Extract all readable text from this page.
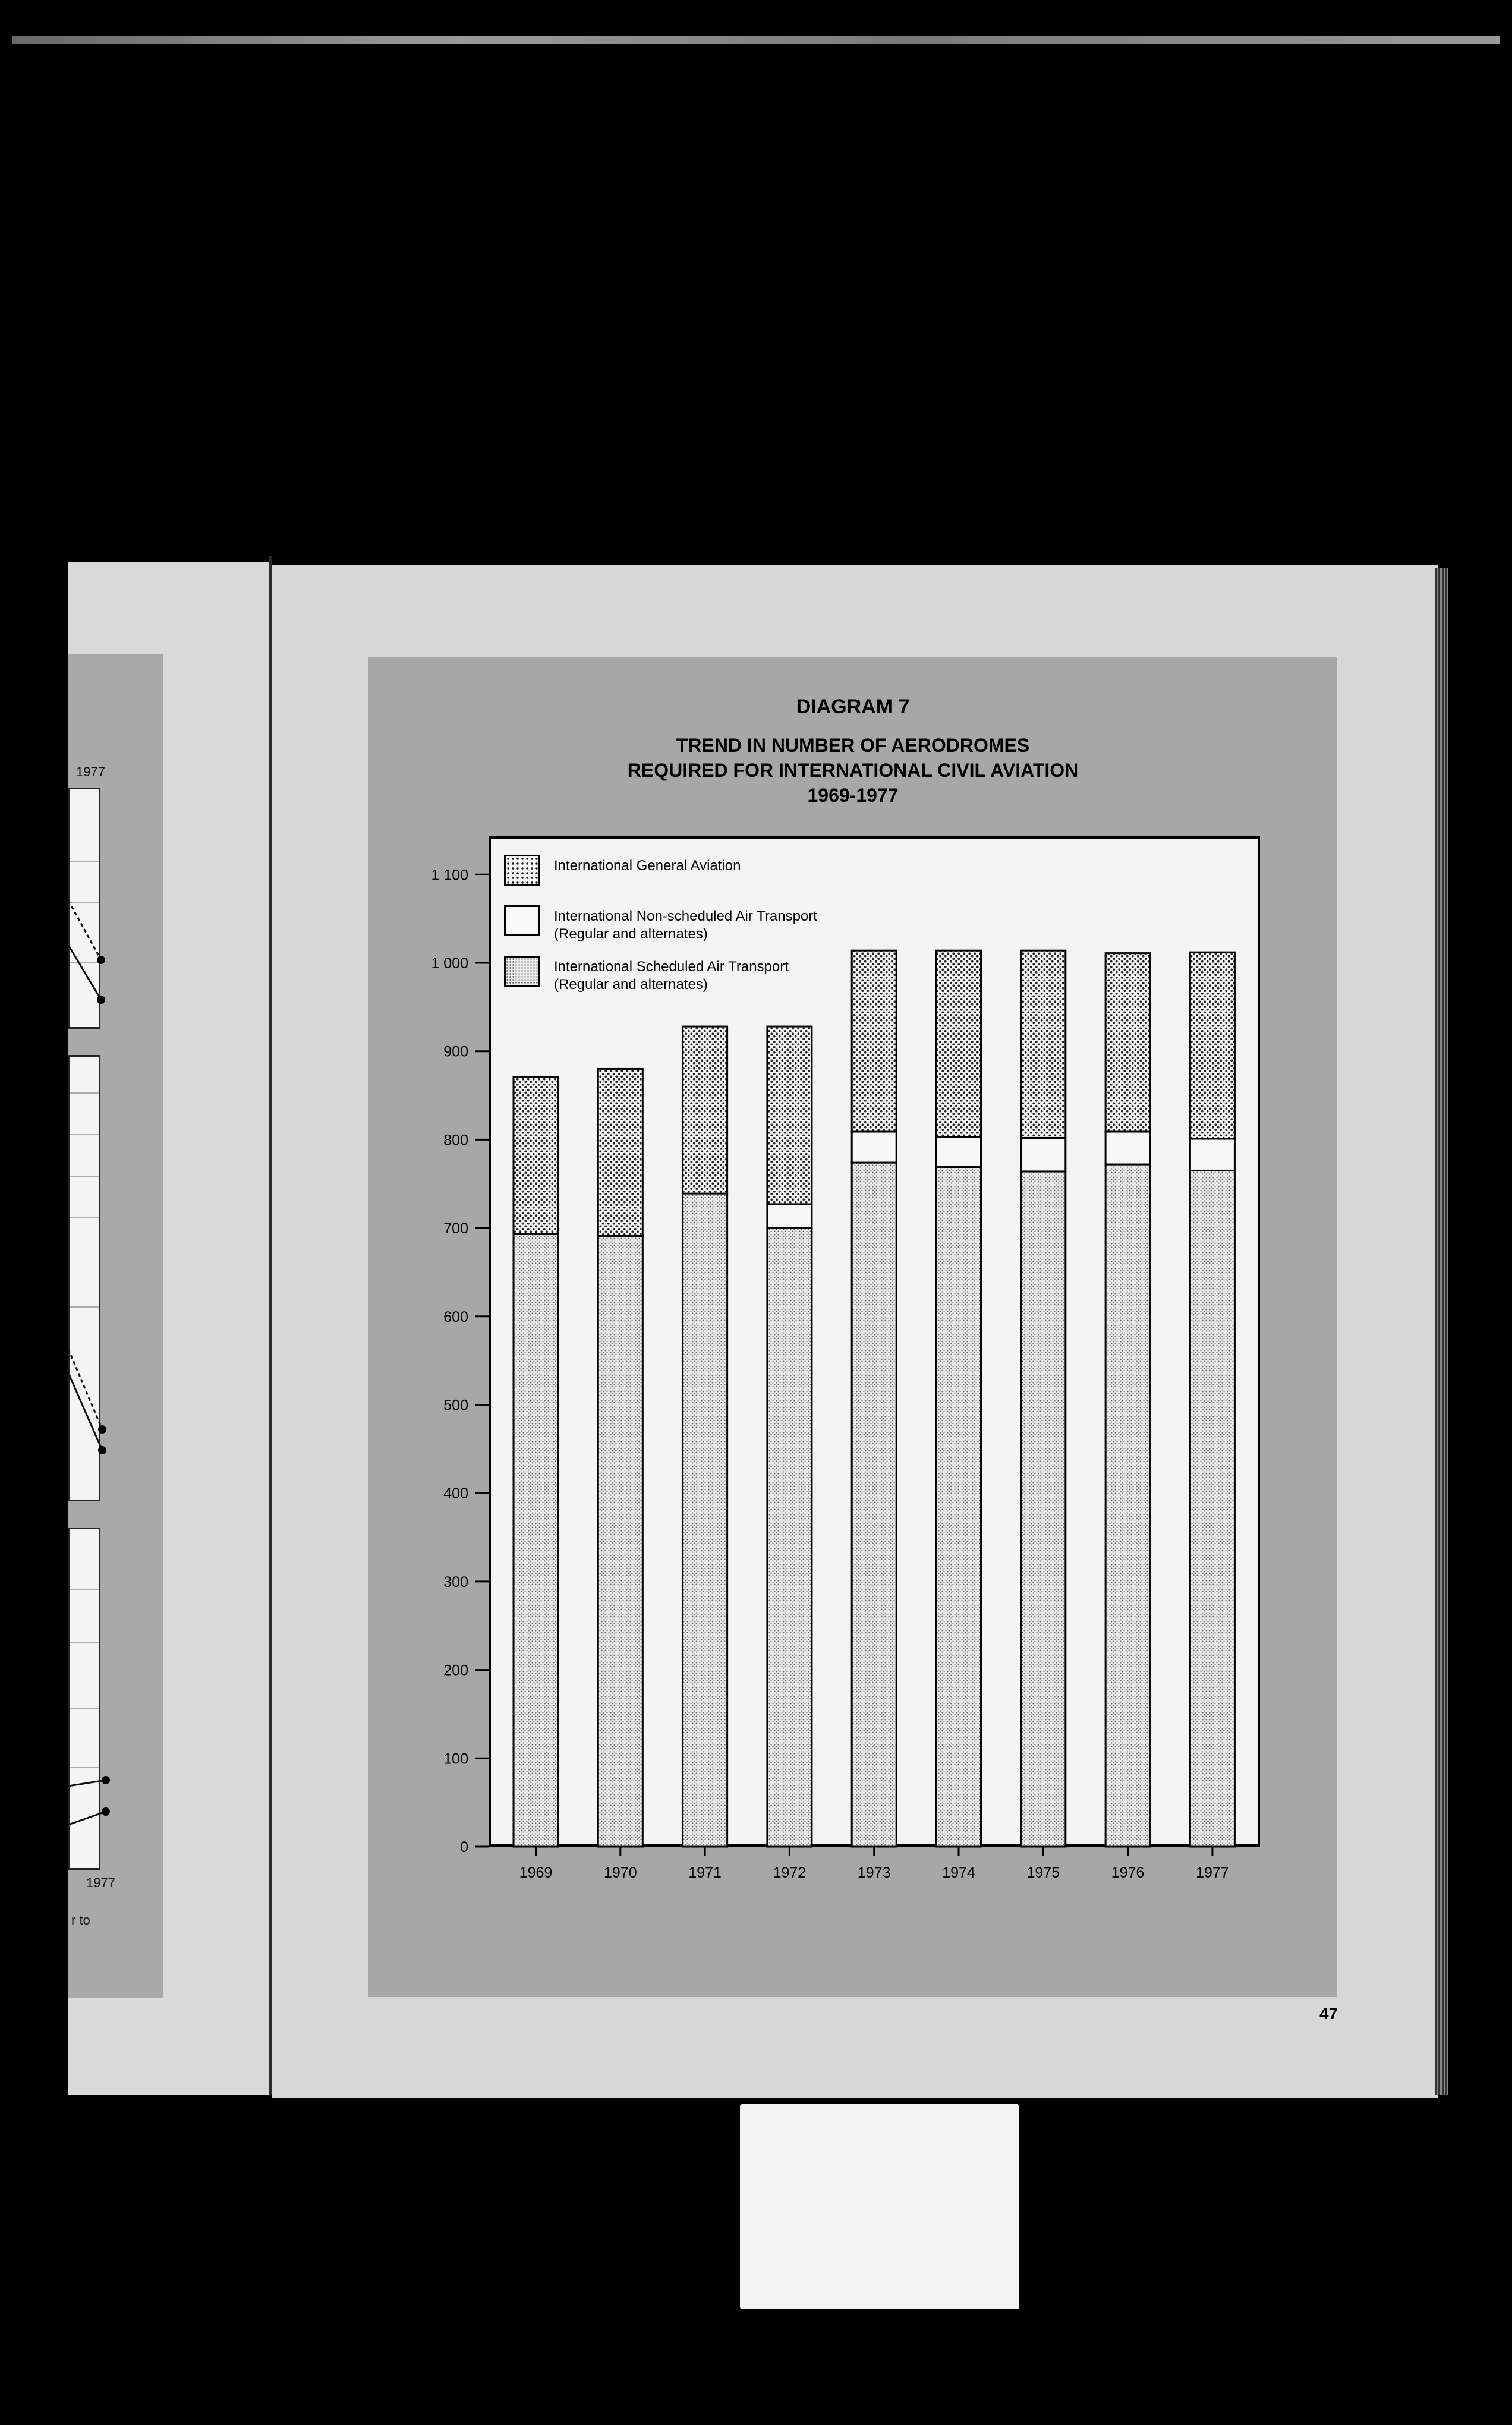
1977
1977
r to
DIAGRAM 7
TREND IN NUMBER OF AERODROMES
REQUIRED FOR INTERNATIONAL CIVIL AVIATION
1969-1977
0
100
200
300
400
500
600
700
800
900
1 000
1 100
1969	1970	1971	1972	1973	1974	1975	1976	1977
International General Aviation
International Non-scheduled Air Transport
(Regular and alternates)
International Scheduled Air Transport
(Regular and alternates)
47
